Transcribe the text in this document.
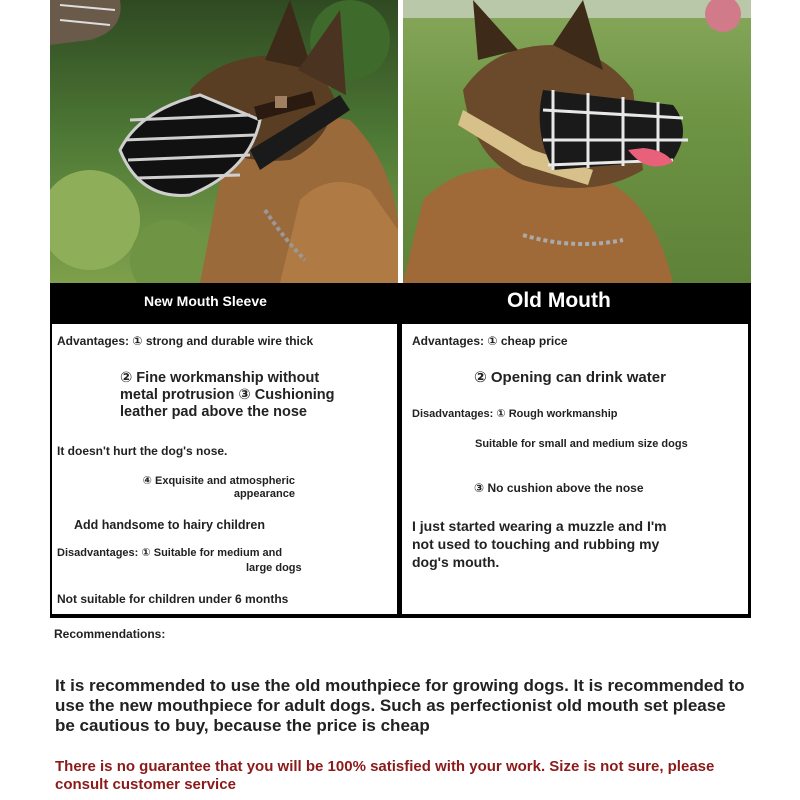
New Mouth Sleeve	Old Mouth
Advantages: ① strong and durable wire thick
② Fine workmanship without metal protrusion ③ Cushioning leather pad above the nose
It doesn't hurt the dog's nose.
④ Exquisite and atmospheric appearance
Add handsome to hairy children
Disadvantages: ① Suitable for medium and
large dogs
Not suitable for children under 6 months
Advantages: ① cheap price
② Opening can drink water
Disadvantages: ① Rough workmanship
Suitable for small and medium size dogs
③ No cushion above the nose
I just started wearing a muzzle and I'm not used to touching and rubbing my dog's mouth.
Recommendations:
It is recommended to use the old mouthpiece for growing dogs. It is recommended to use the new mouthpiece for adult dogs. Such as perfectionist old mouth set please be cautious to buy, because the price is cheap
There is no guarantee that you will be 100% satisfied with your work. Size is not sure, please consult customer service
